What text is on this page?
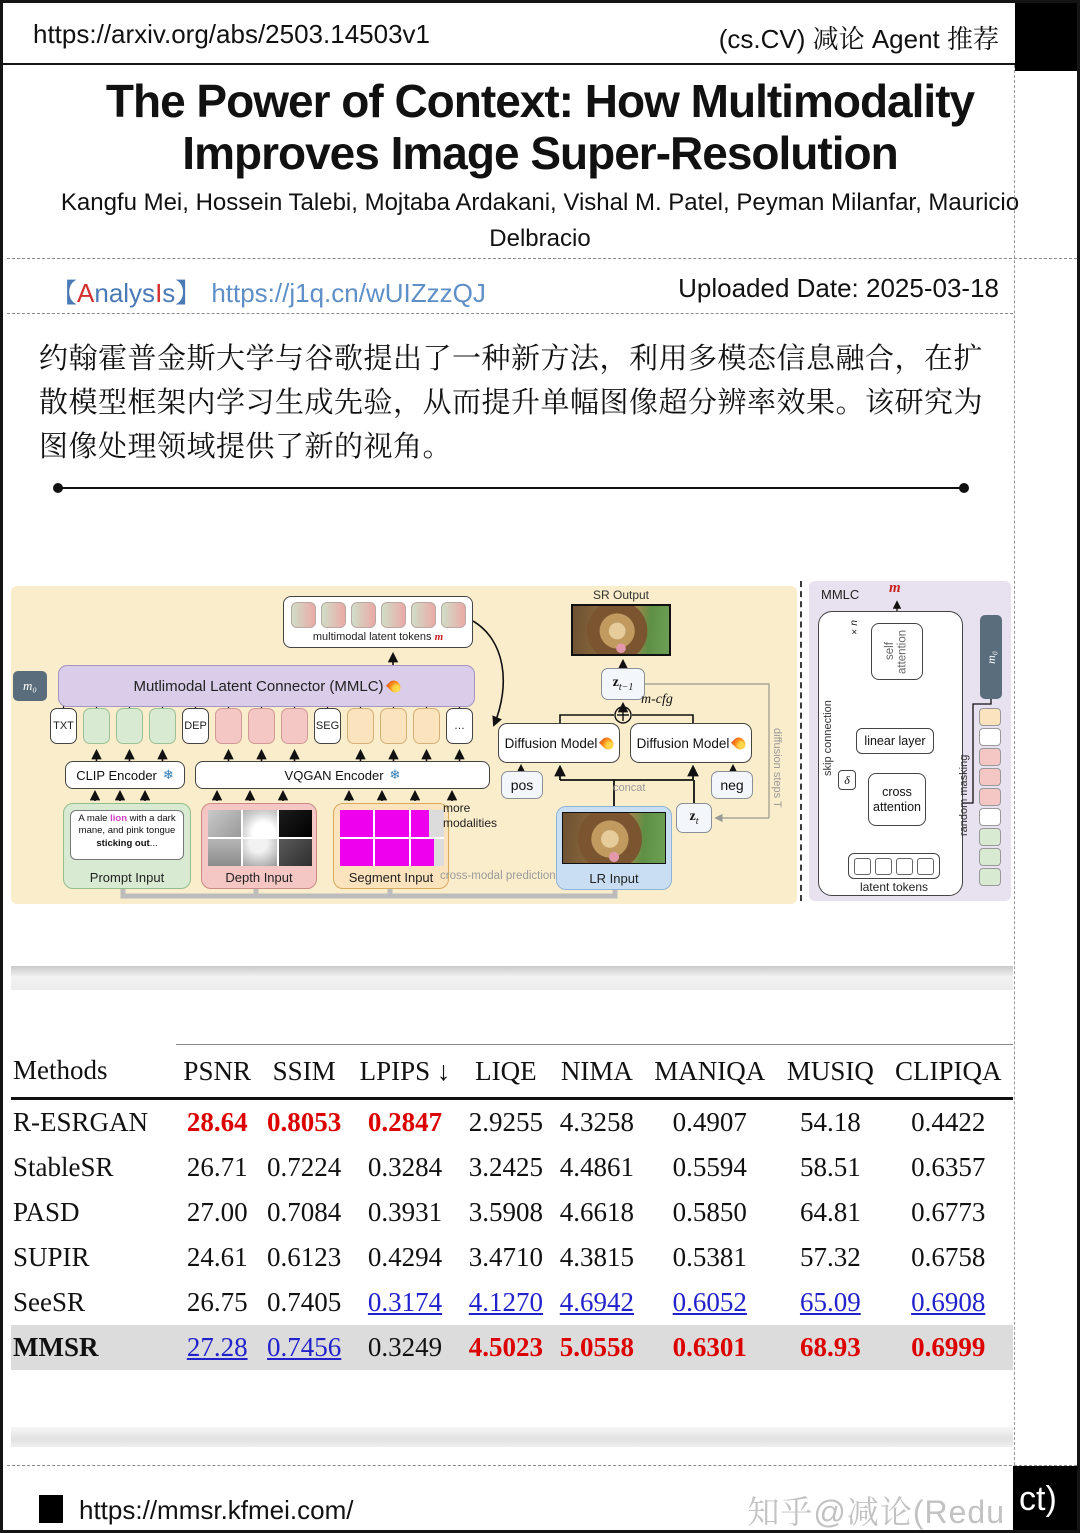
https://arxiv.org/abs/2503.14503v1	(cs.CV) 减论 Agent 推荐
The Power of Context: How Multimodality
Improves Image Super-Resolution
Kangfu Mei, Hossein Talebi, Mojtaba Ardakani, Vishal M. Patel, Peyman Milanfar, Mauricio Delbracio
【AnalysIs】 https://j1q.cn/wUIZzzQJ	Uploaded Date: 2025-03-18
约翰霍普金斯大学与谷歌提出了一种新方法，利用多模态信息融合，在扩散模型框架内学习生成先验，从而提升单幅图像超分辨率效果。该研究为图像处理领域提供了新的视角。
multimodal latent tokens m
m₀	Mutlimodal Latent Connector (MMLC)
TXT	DEP	SEG	…
CLIP Encoder ❄	VQGAN Encoder ❄
A male lion with a dark mane, and pink tongue sticking out...
Prompt Input	Depth Input	Segment Input
more modalities
cross-modal prediction
SR Output
$z_{t-1}$
m-cfg
Diffusion Model	Diffusion Model
pos	neg
concat
LR Input
$z_t$
diffusion steps T
MMLC m
skip connection
self attention
×n
linear layer
δ
cross attention
latent tokens
m₀
random masking
Methods	PSNR	SSIM	LPIPS ↓	LIQE	NIMA	MANIQA	MUSIQ	CLIPIQA
R-ESRGAN	28.64	0.8053	0.2847	2.9255	4.3258	0.4907	54.18	0.4422
StableSR	26.71	0.7224	0.3284	3.2425	4.4861	0.5594	58.51	0.6357
PASD	27.00	0.7084	0.3931	3.5908	4.6618	0.5850	64.81	0.6773
SUPIR	24.61	0.6123	0.4294	3.4710	4.3815	0.5381	57.32	0.6758
SeeSR	26.75	0.7405	0.3174	4.1270	4.6942	0.6052	65.09	0.6908
MMSR	27.28	0.7456	0.3249	4.5023	5.0558	0.6301	68.93	0.6999
https://mmsr.kfmei.com/	知乎@减论(Redu ct)
